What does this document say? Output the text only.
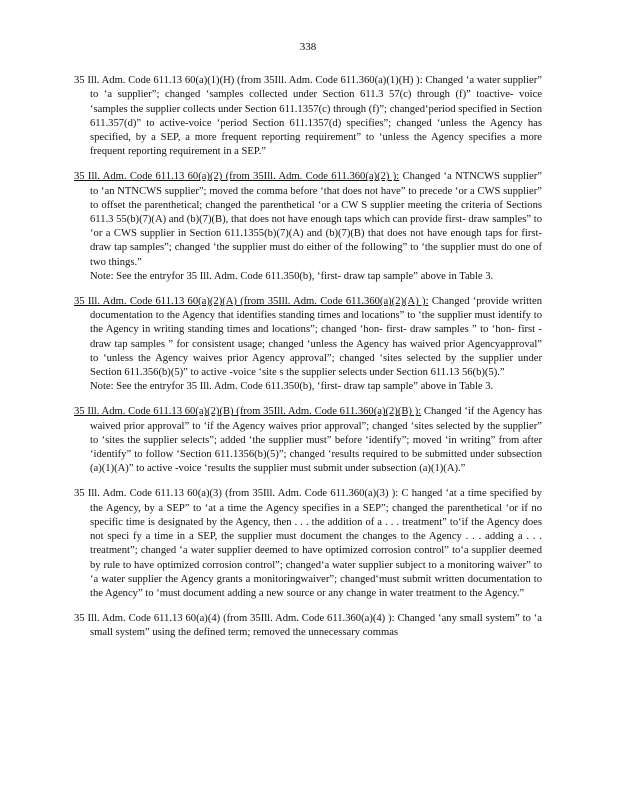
338
35 Ill. Adm. Code 611.13 60(a)(1)(H) (from 35Ill. Adm. Code 611.360(a)(1)(H) ): Changed ‘a water supplier” to ‘a supplier”; changed ‘samples collected under Section 611.3 57(c) through (f)” toactive- voice ‘samples the supplier collects under Section 611.1357(c) through (f)”; changed‘period specified in Section 611.357(d)” to active-voice ‘period Section 611.1357(d) specifies”; changed ‘unless the Agency has specified, by a SEP, a more frequent reporting requirement” to ‘unless the Agency specifies a more frequent reporting requirement in a SEP.”
35 Ill. Adm. Code 611.13 60(a)(2) (from 35Ill. Adm. Code 611.360(a)(2) ): Changed ‘a NTNCWS supplier” to ‘an NTNCWS supplier”; moved the comma before ‘that does not have” to precede ‘or a CWS supplier” to offset the parenthetical; changed the parenthetical ‘or a CW S supplier meeting the criteria of Sections 611.3 55(b)(7)(A) and (b)(7)(B), that does not have enough taps which can provide first- draw samples” to ‘or a CWS supplier in Section 611.1355(b)(7)(A) and (b)(7)(B) that does not have enough taps for first- draw tap samples”; changed ‘the supplier must do either of the following” to ‘the supplier must do one of two things.”

Note: See the entryfor 35 Ill. Adm. Code 611.350(b), ‘first- draw tap sample” above in Table 3.

35 Ill. Adm. Code 611.13 60(a)(2)(A) (from 35Ill. Adm. Code 611.360(a)(2)(A) ): Changed ‘provide written documentation to the Agency that identifies standing times and locations” to ‘the supplier must identify to the Agency in writing standing times and locations”; changed ‘hon- first- draw samples ” to ‘hon- first -draw tap samples ” for consistent usage; changed ‘unless the Agency has waived prior Agencyapproval” to ‘unless the Agency waives prior Agency approval”; changed ‘sites selected by the supplier under Section 611.356(b)(5)” to active -voice ‘site s the supplier selects under Section 611.13 56(b)(5).”

Note: See the entryfor 35 Ill. Adm. Code 611.350(b), ‘first- draw tap sample” above in Table 3.

35 Ill. Adm. Code 611.13 60(a)(2)(B) (from 35Ill. Adm. Code 611.360(a)(2)(B) ): Changed ‘if the Agency has waived prior approval” to ‘if the Agency waives prior approval”; changed ‘sites selected by the supplier” to ‘sites the supplier selects”; added ‘the supplier must” before ‘identify”; moved ‘in writing” from after ‘identify” to follow ‘Section 611.1356(b)(5)”; changed ‘results required to be submitted under subsection (a)(1)(A)” to active -voice ‘results the supplier must submit under subsection (a)(1)(A).”
35 Ill. Adm. Code 611.13 60(a)(3) (from 35Ill. Adm. Code 611.360(a)(3) ): C hanged ‘at a time specified by the Agency, by a SEP” to ‘at a time the Agency specifies in a SEP”; changed the parenthetical ‘or if no specific time is designated by the Agency, then . . . the addition of a . . . treatment” to‘if the Agency does not speci fy a time in a SEP, the supplier must document the changes to the Agency . . . adding a . . . treatment”; changed ‘a water supplier deemed to have optimized corrosion control” to‘a supplier deemed by rule to have optimized corrosion control”; changed‘a water supplier subject to a monitoring waiver” to ‘a water supplier the Agency grants a monitoringwaiver”; changed‘must submit written documentation to the Agency” to ‘must document adding a new source or any change in water treatment to the Agency.”
35 Ill. Adm. Code 611.13 60(a)(4) (from 35Ill. Adm. Code 611.360(a)(4) ): Changed ‘any small system” to ‘a small system” using the defined term; removed the unnecessary commas
